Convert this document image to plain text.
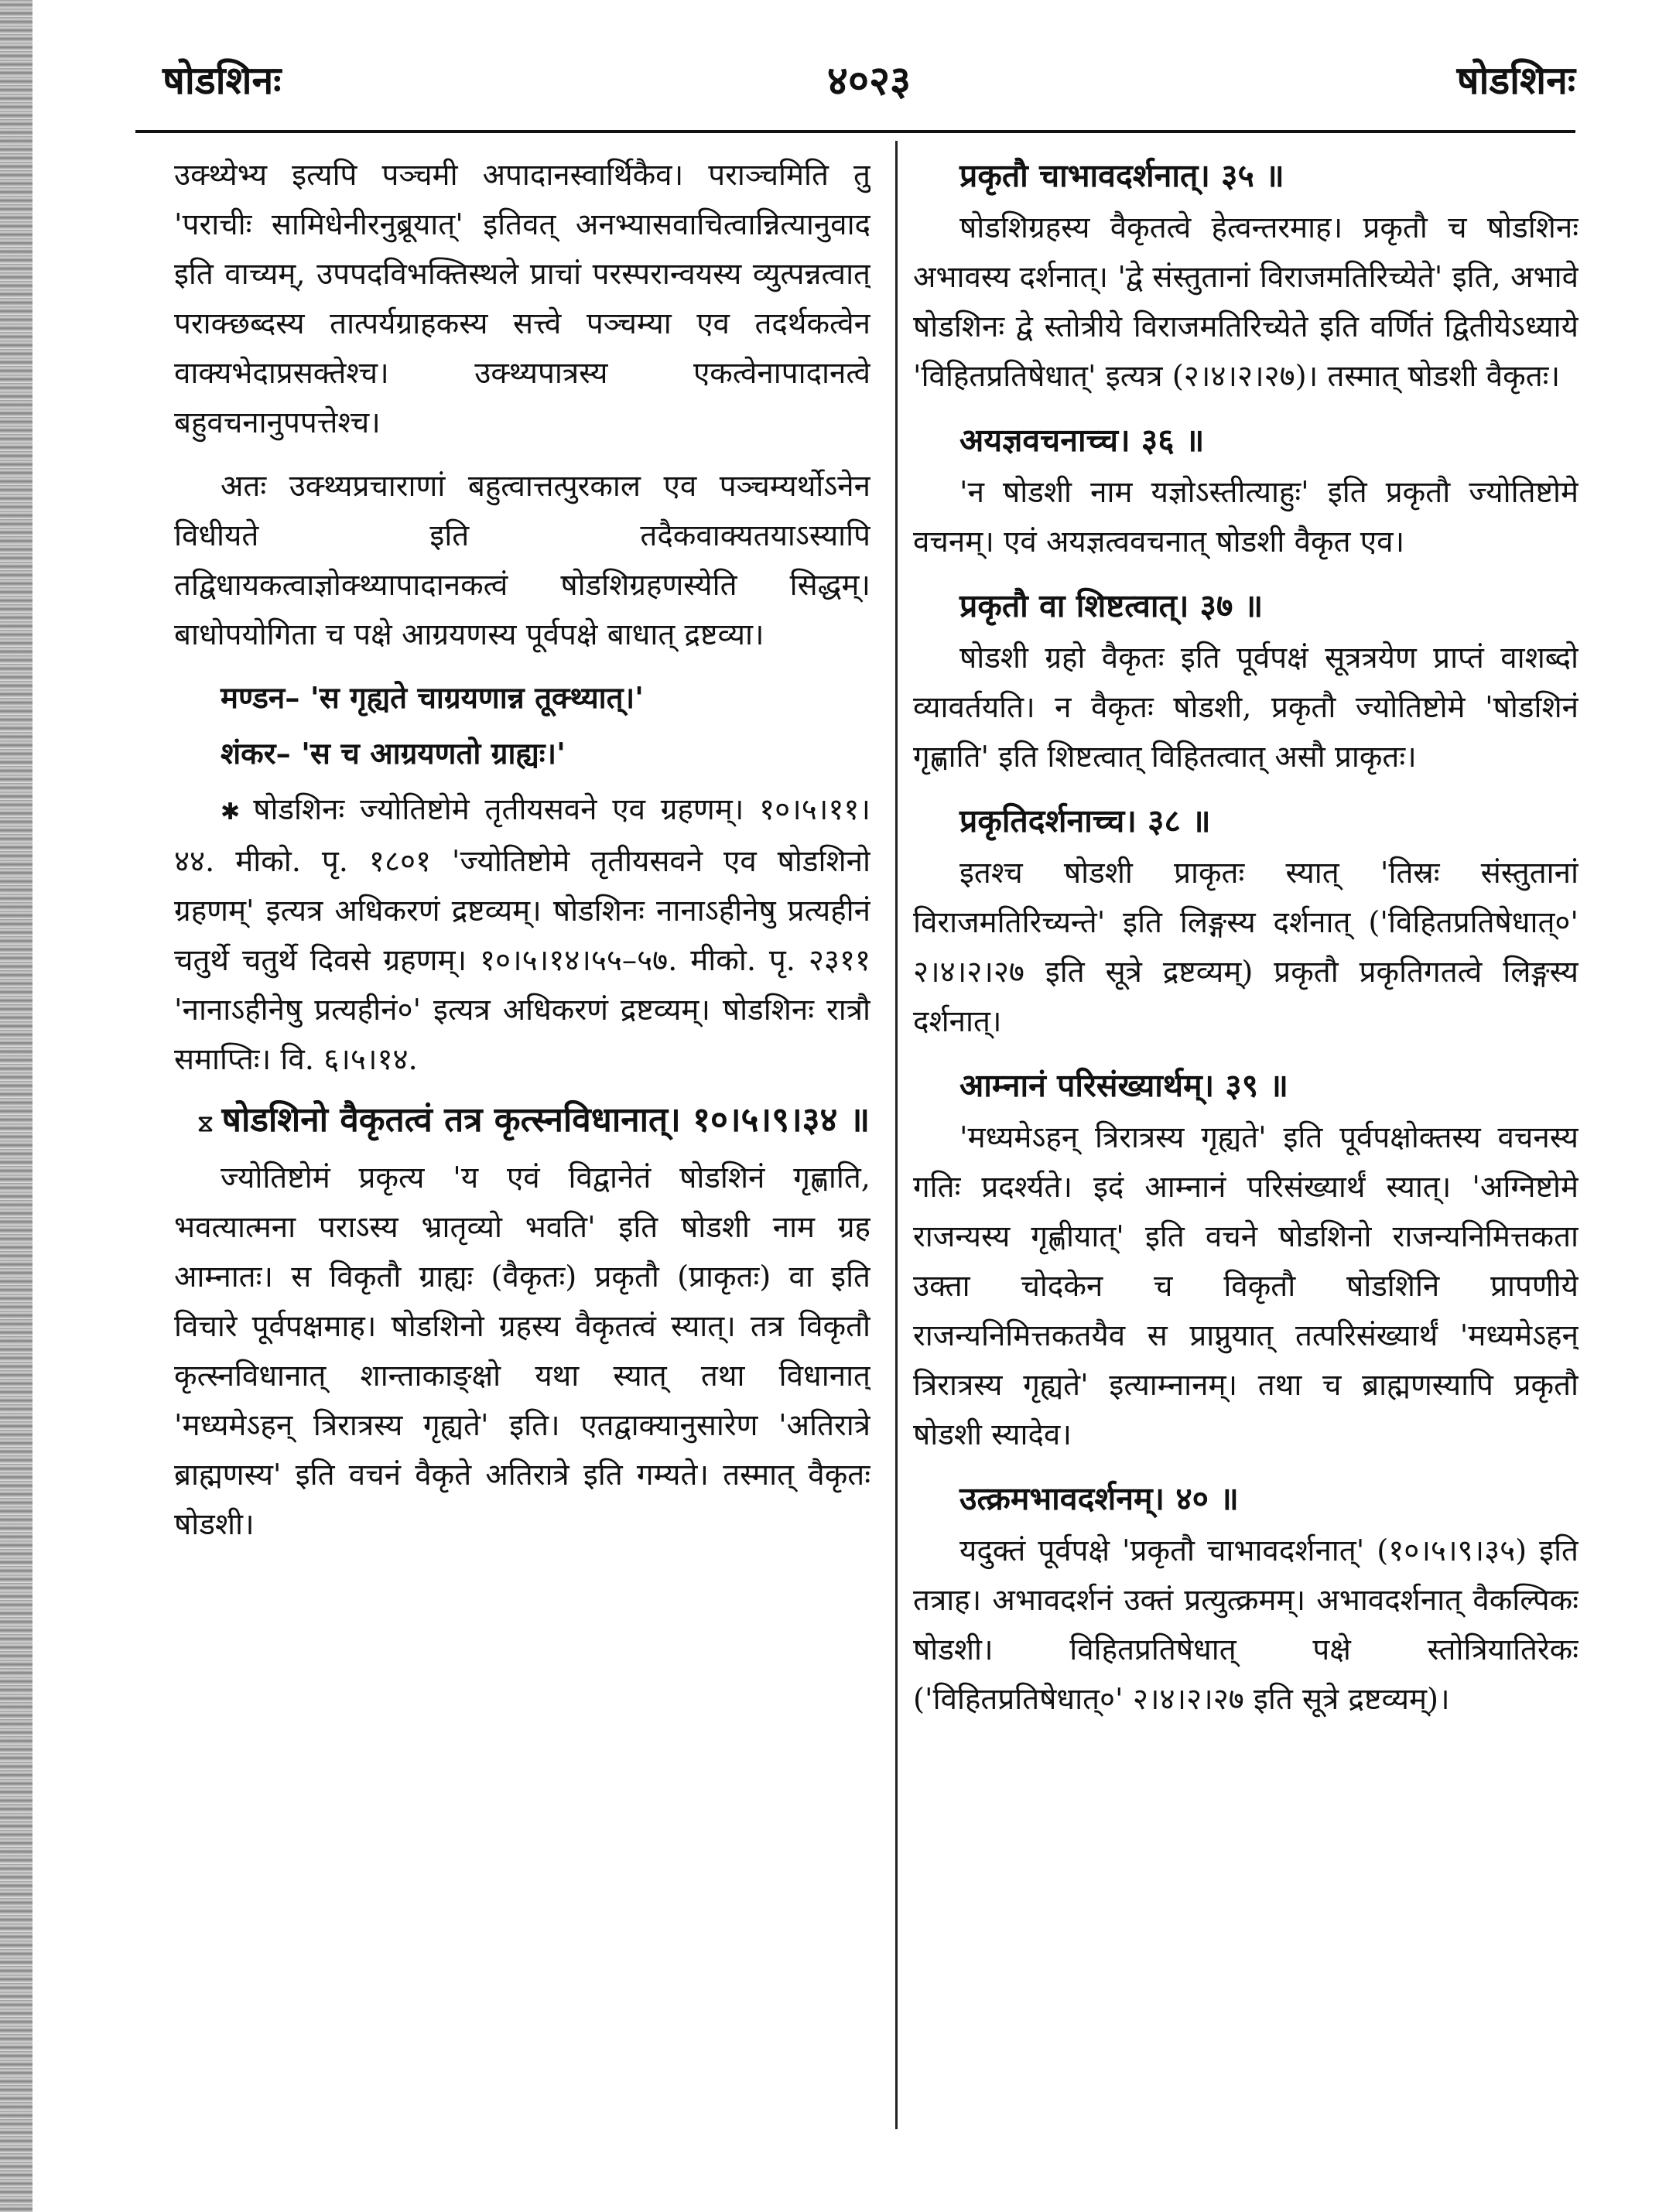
षोडशिनः	४०२३	षोडशिनः

उक्थ्येभ्य इत्यपि पञ्चमी अपादानस्वार्थिकैव। पराञ्चमिति तु 'पराचीः सामिधेनीरनुब्रूयात्' इतिवत् अनभ्यासवाचित्वान्नित्यानुवाद इति वाच्यम्, उपपदविभक्तिस्थले प्राचां परस्परान्वयस्य व्युत्पन्नत्वात् पराक्छब्दस्य तात्पर्यग्राहकस्य सत्त्वे पञ्चम्या एव तदर्थकत्वेन वाक्यभेदाप्रसक्तेश्च। उक्थ्यपात्रस्य एकत्वेनापादानत्वे बहुवचनानुपपत्तेश्च।

अतः उक्थ्यप्रचाराणां बहुत्वात्तत्पुरकाल एव पञ्चम्यर्थोऽनेन विधीयते इति तदैकवाक्यतयाऽस्यापि तद्विधायकत्वाज्ञोक्थ्यापादानकत्वं षोडशिग्रहणस्येति सिद्धम्। बाधोपयोगिता च पक्षे आग्रयणस्य पूर्वपक्षे बाधात् द्रष्टव्या।

मण्डन– 'स गृह्यते चाग्रयणान्न तूक्थ्यात्।'

शंकर– 'स च आग्रयणतो ग्राह्यः।'

✱ षोडशिनः ज्योतिष्टोमे तृतीयसवने एव ग्रहणम्। १०।५।११।४४. मीको. पृ. १८०१ 'ज्योतिष्टोमे तृतीयसवने एव षोडशिनो ग्रहणम्' इत्यत्र अधिकरणं द्रष्टव्यम्। षोडशिनः नानाऽहीनेषु प्रत्यहीनं चतुर्थे चतुर्थे दिवसे ग्रहणम्। १०।५।१४।५५–५७. मीको. पृ. २३११ 'नानाऽहीनेषु प्रत्यहीनं०' इत्यत्र अधिकरणं द्रष्टव्यम्। षोडशिनः रात्रौ समाप्तिः। वि. ६।५।१४.

⧖ षोडशिनो वैकृतत्वं तत्र कृत्स्नविधानात्। १०।५।९।३४ ॥

ज्योतिष्टोमं प्रकृत्य 'य एवं विद्वानेतं षोडशिनं गृह्णाति, भवत्यात्मना पराऽस्य भ्रातृव्यो भवति' इति षोडशी नाम ग्रह आम्नातः। स विकृतौ ग्राह्यः (वैकृतः) प्रकृतौ (प्राकृतः) वा इति विचारे पूर्वपक्षमाह। षोडशिनो ग्रहस्य वैकृतत्वं स्यात्। तत्र विकृतौ कृत्स्नविधानात् शान्ताकाङ्क्षो यथा स्यात् तथा विधानात् 'मध्यमेऽहन् त्रिरात्रस्य गृह्यते' इति। एतद्वाक्यानुसारेण 'अतिरात्रे ब्राह्मणस्य' इति वचनं वैकृते अतिरात्रे इति गम्यते। तस्मात् वैकृतः षोडशी।

प्रकृतौ चाभावदर्शनात्। ३५ ॥

षोडशिग्रहस्य वैकृतत्वे हेत्वन्तरमाह। प्रकृतौ च षोडशिनः अभावस्य दर्शनात्। 'द्वे संस्तुतानां विराजमतिरिच्येते' इति, अभावे षोडशिनः द्वे स्तोत्रीये विराजमतिरिच्येते इति वर्णितं द्वितीयेऽध्याये 'विहितप्रतिषेधात्' इत्यत्र (२।४।२।२७)। तस्मात् षोडशी वैकृतः।

अयज्ञवचनाच्च। ३६ ॥

'न षोडशी नाम यज्ञोऽस्तीत्याहुः' इति प्रकृतौ ज्योतिष्टोमे वचनम्। एवं अयज्ञत्ववचनात् षोडशी वैकृत एव।

प्रकृतौ वा शिष्टत्वात्। ३७ ॥

षोडशी ग्रहो वैकृतः इति पूर्वपक्षं सूत्रत्रयेण प्राप्तं वाशब्दो व्यावर्तयति। न वैकृतः षोडशी, प्रकृतौ ज्योतिष्टोमे 'षोडशिनं गृह्णाति' इति शिष्टत्वात् विहितत्वात् असौ प्राकृतः।

प्रकृतिदर्शनाच्च। ३८ ॥

इतश्च षोडशी प्राकृतः स्यात् 'तिस्रः संस्तुतानां विराजमतिरिच्यन्ते' इति लिङ्गस्य दर्शनात् ('विहितप्रतिषेधात्०' २।४।२।२७ इति सूत्रे द्रष्टव्यम्) प्रकृतौ प्रकृतिगतत्वे लिङ्गस्य दर्शनात्।

आम्नानं परिसंख्यार्थम्। ३९ ॥

'मध्यमेऽहन् त्रिरात्रस्य गृह्यते' इति पूर्वपक्षोक्तस्य वचनस्य गतिः प्रदर्श्यते। इदं आम्नानं परिसंख्यार्थं स्यात्। 'अग्निष्टोमे राजन्यस्य गृह्णीयात्' इति वचने षोडशिनो राजन्यनिमित्तकता उक्ता चोदकेन च विकृतौ षोडशिनि प्रापणीये राजन्यनिमित्तकतयैव स प्राप्नुयात् तत्परिसंख्यार्थं 'मध्यमेऽहन् त्रिरात्रस्य गृह्यते' इत्याम्नानम्। तथा च ब्राह्मणस्यापि प्रकृतौ षोडशी स्यादेव।

उत्क्रमभावदर्शनम्। ४० ॥

यदुक्तं पूर्वपक्षे 'प्रकृतौ चाभावदर्शनात्' (१०।५।९।३५) इति तत्राह। अभावदर्शनं उक्तं प्रत्युत्क्रमम्। अभावदर्शनात् वैकल्पिकः षोडशी। विहितप्रतिषेधात् पक्षे स्तोत्रियातिरेकः ('विहितप्रतिषेधात्०' २।४।२।२७ इति सूत्रे द्रष्टव्यम्)।
